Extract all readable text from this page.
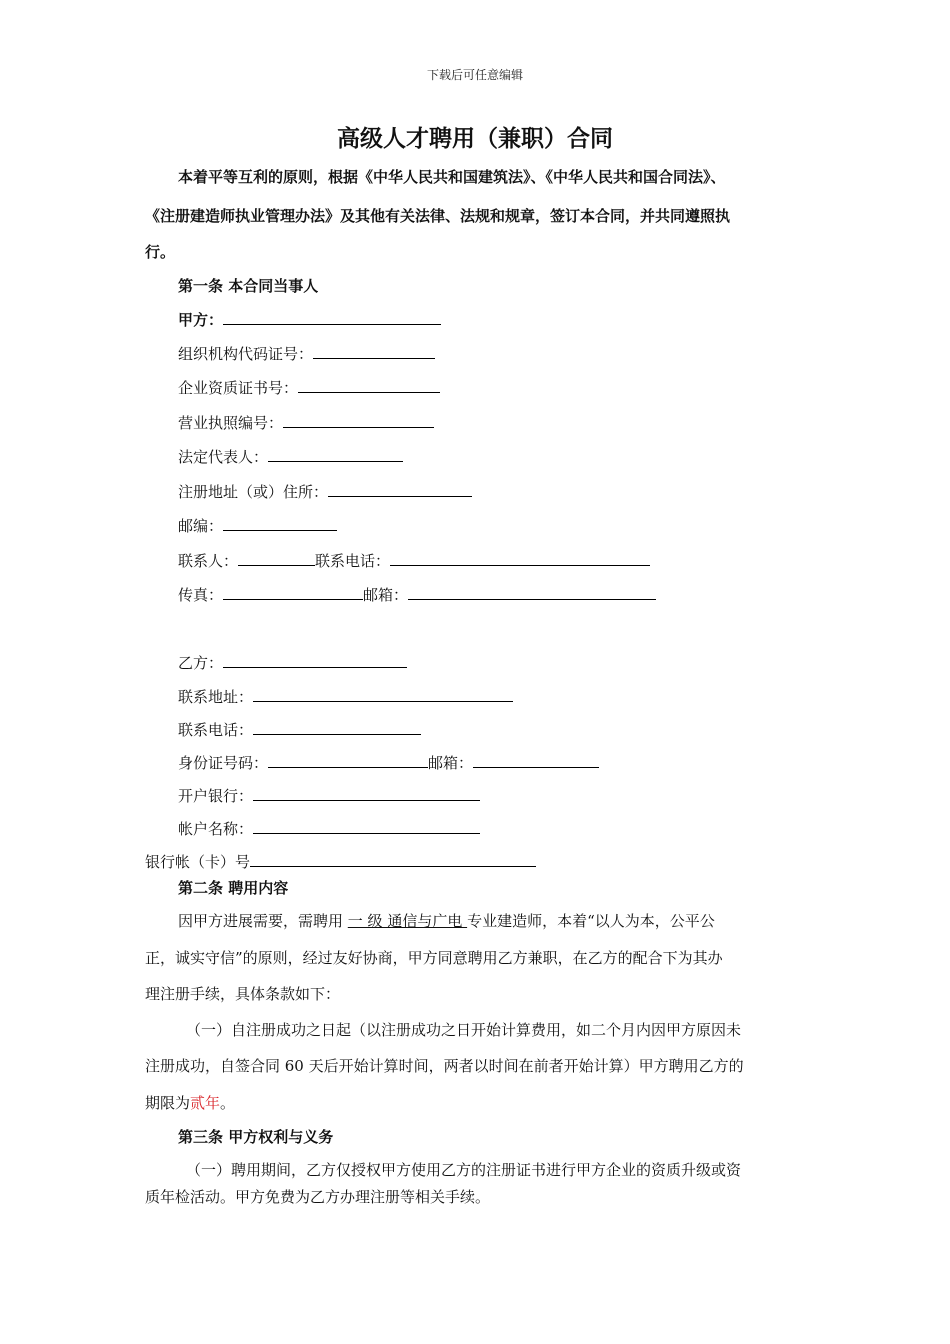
下载后可任意编辑
高级人才聘用（兼职）合同
本着平等互利的原则，根据《中华人民共和国建筑法》、《中华人民共和国合同法》、
《注册建造师执业管理办法》及其他有关法律、法规和规章，签订本合同，并共同遵照执
行。
第一条 本合同当事人
甲方：
组织机构代码证号：
企业资质证书号：
营业执照编号：
法定代表人：
注册地址（或）住所：
邮编：
联系人：	联系电话：
传真：	邮箱：
乙方：
联系地址：
联系电话：
身份证号码：	邮箱：
开户银行：
帐户名称：
银行帐（卡）号
第二条 聘用内容
因甲方进展需要，需聘用 一 级 通信与广电 专业建造师，本着“以人为本，公平公
正，诚实守信”的原则，经过友好协商，甲方同意聘用乙方兼职，在乙方的配合下为其办
理注册手续，具体条款如下：
（一）自注册成功之日起（以注册成功之日开始计算费用，如二个月内因甲方原因未
注册成功，自签合同 60 天后开始计算时间，两者以时间在前者开始计算）甲方聘用乙方的
期限为贰年。
第三条 甲方权利与义务
（一）聘用期间，乙方仅授权甲方使用乙方的注册证书进行甲方企业的资质升级或资
质年检活动。甲方免费为乙方办理注册等相关手续。
